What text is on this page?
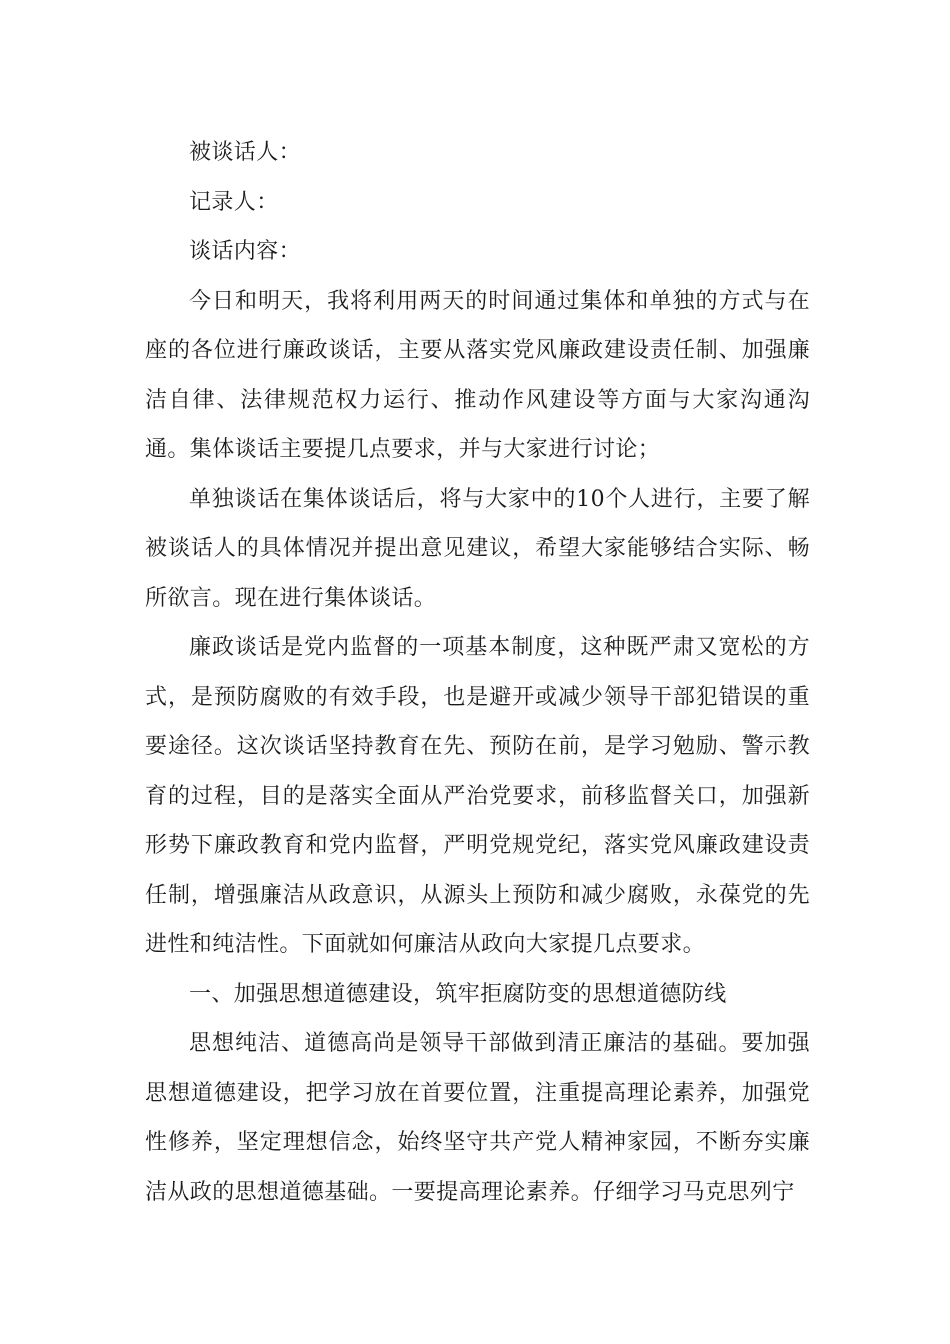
被谈话人：

记录人：

谈话内容：

今日和明天，我将利用两天的时间通过集体和单独的方式与在座的各位进行廉政谈话，主要从落实党风廉政建设责任制、加强廉洁自律、法律规范权力运行、推动作风建设等方面与大家沟通沟通。集体谈话主要提几点要求，并与大家进行讨论；

单独谈话在集体谈话后，将与大家中的10个人进行，主要了解被谈话人的具体情况并提出意见建议，希望大家能够结合实际、畅所欲言。现在进行集体谈话。

廉政谈话是党内监督的一项基本制度，这种既严肃又宽松的方式，是预防腐败的有效手段，也是避开或减少领导干部犯错误的重要途径。这次谈话坚持教育在先、预防在前，是学习勉励、警示教育的过程，目的是落实全面从严治党要求，前移监督关口，加强新形势下廉政教育和党内监督，严明党规党纪，落实党风廉政建设责任制，增强廉洁从政意识，从源头上预防和减少腐败，永葆党的先进性和纯洁性。下面就如何廉洁从政向大家提几点要求。

一、加强思想道德建设，筑牢拒腐防变的思想道德防线

思想纯洁、道德高尚是领导干部做到清正廉洁的基础。要加强思想道德建设，把学习放在首要位置，注重提高理论素养，加强党性修养，坚定理想信念，始终坚守共产党人精神家园，不断夯实廉洁从政的思想道德基础。一要提高理论素养。仔细学习马克思列宁
